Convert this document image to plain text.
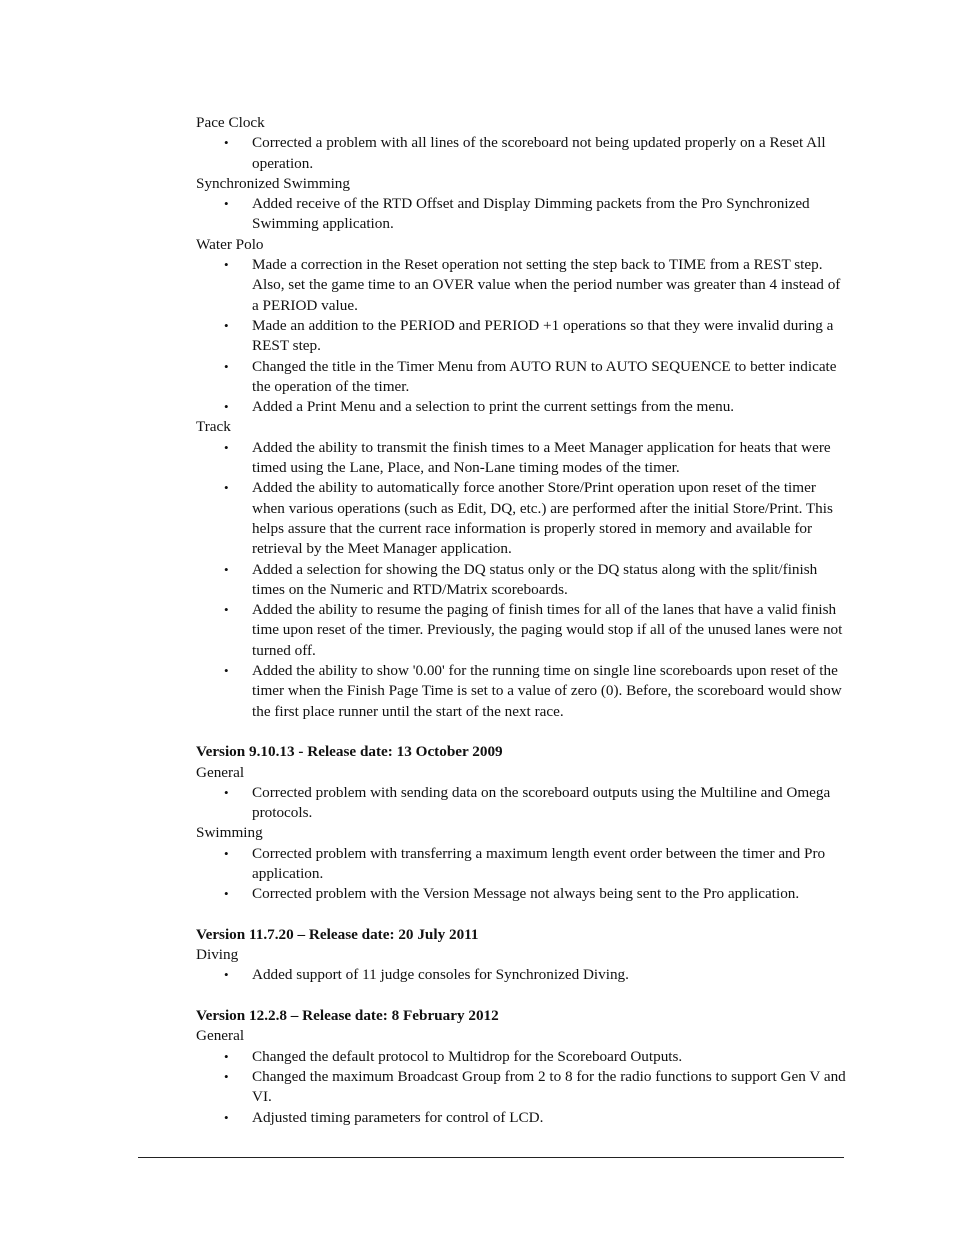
Pace Clock
• Corrected a problem with all lines of the scoreboard not being updated properly on a Reset All operation.
Synchronized Swimming
• Added receive of the RTD Offset and Display Dimming packets from the Pro Synchronized Swimming application.
Water Polo
• Made a correction in the Reset operation not setting the step back to TIME from a REST step. Also, set the game time to an OVER value when the period number was greater than 4 instead of a PERIOD value.
• Made an addition to the PERIOD and PERIOD +1 operations so that they were invalid during a REST step.
• Changed the title in the Timer Menu from AUTO RUN to AUTO SEQUENCE to better indicate the operation of the timer.
• Added a Print Menu and a selection to print the current settings from the menu.
Track
• Added the ability to transmit the finish times to a Meet Manager application for heats that were timed using the Lane, Place, and Non-Lane timing modes of the timer.
• Added the ability to automatically force another Store/Print operation upon reset of the timer when various operations (such as Edit, DQ, etc.) are performed after the initial Store/Print. This helps assure that the current race information is properly stored in memory and available for retrieval by the Meet Manager application.
• Added a selection for showing the DQ status only or the DQ status along with the split/finish times on the Numeric and RTD/Matrix scoreboards.
• Added the ability to resume the paging of finish times for all of the lanes that have a valid finish time upon reset of the timer. Previously, the paging would stop if all of the unused lanes were not turned off.
• Added the ability to show '0.00' for the running time on single line scoreboards upon reset of the timer when the Finish Page Time is set to a value of zero (0). Before, the scoreboard would show the first place runner until the start of the next race.
Version 9.10.13 - Release date: 13 October 2009
General
• Corrected problem with sending data on the scoreboard outputs using the Multiline and Omega protocols.
Swimming
• Corrected problem with transferring a maximum length event order between the timer and Pro application.
• Corrected problem with the Version Message not always being sent to the Pro application.
Version 11.7.20 – Release date: 20 July 2011
Diving
• Added support of 11 judge consoles for Synchronized Diving.
Version 12.2.8 – Release date: 8 February 2012
General
• Changed the default protocol to Multidrop for the Scoreboard Outputs.
• Changed the maximum Broadcast Group from 2 to 8 for the radio functions to support Gen V and VI.
• Adjusted timing parameters for control of LCD.
